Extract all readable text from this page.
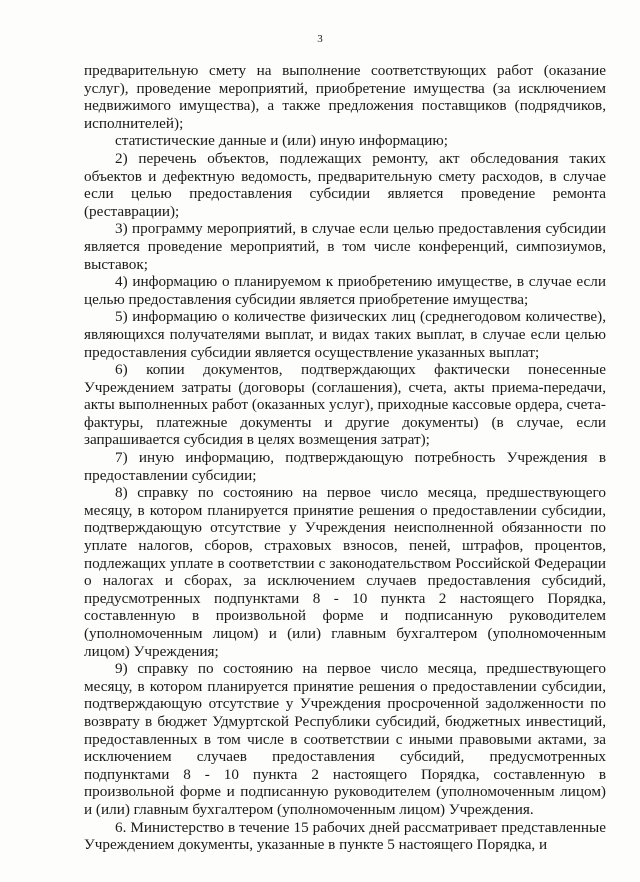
3

предварительную смету на выполнение соответствующих работ (оказание услуг), проведение мероприятий, приобретение имущества (за исключением недвижимого имущества), а также предложения поставщиков (подрядчиков, исполнителей);

статистические данные и (или) иную информацию;

2) перечень объектов, подлежащих ремонту, акт обследования таких объектов и дефектную ведомость, предварительную смету расходов, в случае если целью предоставления субсидии является проведение ремонта (реставрации);

3) программу мероприятий, в случае если целью предоставления субсидии является проведение мероприятий, в том числе конференций, симпозиумов, выставок;

4) информацию о планируемом к приобретению имуществе, в случае если целью предоставления субсидии является приобретение имущества;

5) информацию о количестве физических лиц (среднегодовом количестве), являющихся получателями выплат, и видах таких выплат, в случае если целью предоставления субсидии является осуществление указанных выплат;

6) копии документов, подтверждающих фактически понесенные Учреждением затраты (договоры (соглашения), счета, акты приема-передачи, акты выполненных работ (оказанных услуг), приходные кассовые ордера, счета-фактуры, платежные документы и другие документы) (в случае, если запрашивается субсидия в целях возмещения затрат);

7) иную информацию, подтверждающую потребность Учреждения в предоставлении субсидии;

8) справку по состоянию на первое число месяца, предшествующего месяцу, в котором планируется принятие решения о предоставлении субсидии, подтверждающую отсутствие у Учреждения неисполненной обязанности по уплате налогов, сборов, страховых взносов, пеней, штрафов, процентов, подлежащих уплате в соответствии с законодательством Российской Федерации о налогах и сборах, за исключением случаев предоставления субсидий, предусмотренных подпунктами 8 - 10 пункта 2 настоящего Порядка, составленную в произвольной форме и подписанную руководителем (уполномоченным лицом) и (или) главным бухгалтером (уполномоченным лицом) Учреждения;

9) справку по состоянию на первое число месяца, предшествующего месяцу, в котором планируется принятие решения о предоставлении субсидии, подтверждающую отсутствие у Учреждения просроченной задолженности по возврату в бюджет Удмуртской Республики субсидий, бюджетных инвестиций, предоставленных в том числе в соответствии с иными правовыми актами, за исключением случаев предоставления субсидий, предусмотренных подпунктами 8 - 10 пункта 2 настоящего Порядка, составленную в произвольной форме и подписанную руководителем (уполномоченным лицом) и (или) главным бухгалтером (уполномоченным лицом) Учреждения.

6. Министерство в течение 15 рабочих дней рассматривает представленные Учреждением документы, указанные в пункте 5 настоящего Порядка, и
